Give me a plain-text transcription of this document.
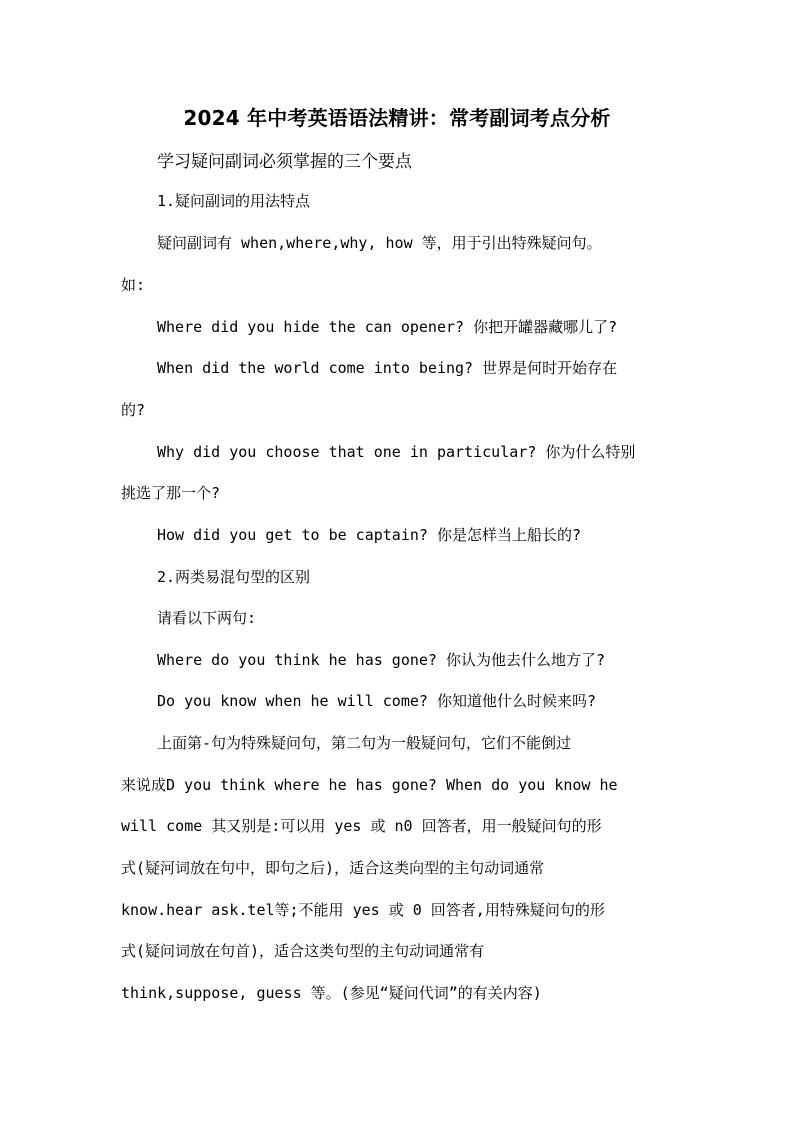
2024 年中考英语语法精讲：常考副词考点分析
学习疑问副词必须掌握的三个要点
1.疑问副词的用法特点
疑问副词有 when,where,why, how 等，用于引出特殊疑问句。
如:
Where did you hide the can opener? 你把开罐器藏哪儿了?
When did the world come into being? 世界是何时开始存在
的?
Why did you choose that one in particular? 你为什么特别
挑选了那一个?
How did you get to be captain? 你是怎样当上船长的?
2.两类易混句型的区别
请看以下两句:
Where do you think he has gone? 你认为他去什么地方了?
Do you know when he will come? 你知道他什么时候来吗?
上面第-句为特殊疑问句，第二句为一般疑问句，它们不能倒过
来说成D you think where he has gone? When do you know he
will come 其又别是:可以用 yes 或 n0 回答者，用一般疑问句的形
式(疑河词放在句中，即句之后)，适合这类向型的主句动词通常
know.hear ask.tel等;不能用 yes 或 0 回答者,用特殊疑问句的形
式(疑问词放在句首)，适合这类句型的主句动词通常有
think,suppose, guess 等。(参见“疑问代词”的有关内容)
